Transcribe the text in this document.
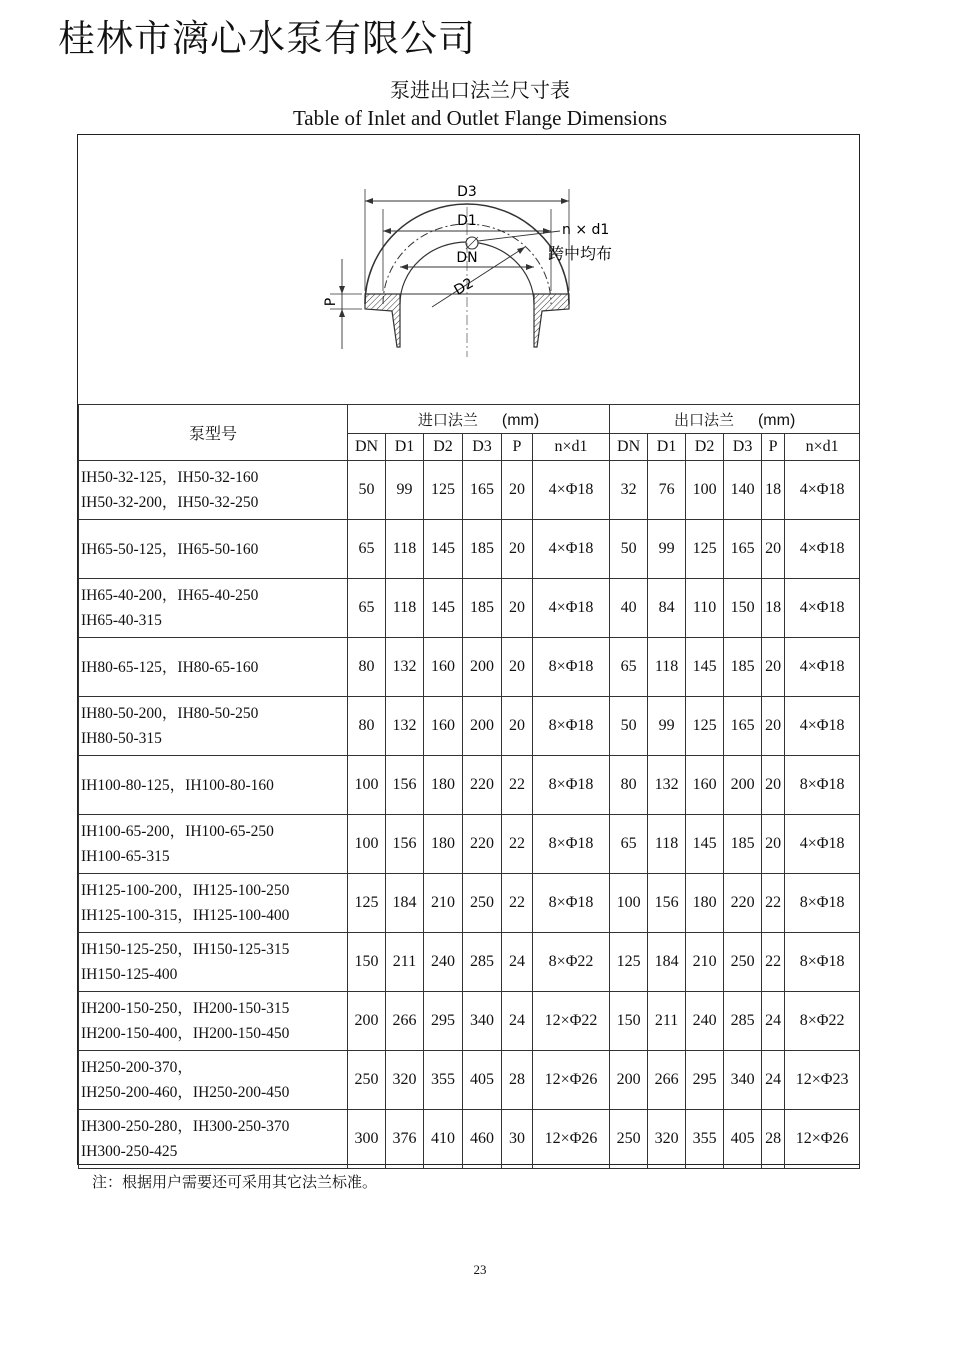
桂林市漓心水泵有限公司
泵进出口法兰尺寸表
Table of Inlet and Outlet Flange Dimensions
D3
D1
DN
D2
n × d1
跨中均布
P
泵型号	进口法兰 (mm)						出口法兰 (mm)					
	DN	D1	D2	D3	P	n×d1	DN	D1	D2	D3	P	n×d1

IH50-32-125，IH50-32-160
IH50-32-200，IH50-32-250	50	99	125	165	20	4×Φ18	32	76	100	140	18	4×Φ18

IH65-50-125，IH65-50-160	65	118	145	185	20	4×Φ18	50	99	125	165	20	4×Φ18

IH65-40-200，IH65-40-250
IH65-40-315	65	118	145	185	20	4×Φ18	40	84	110	150	18	4×Φ18

IH80-65-125，IH80-65-160	80	132	160	200	20	8×Φ18	65	118	145	185	20	4×Φ18

IH80-50-200，IH80-50-250
IH80-50-315	80	132	160	200	20	8×Φ18	50	99	125	165	20	4×Φ18

IH100-80-125，IH100-80-160	100	156	180	220	22	8×Φ18	80	132	160	200	20	8×Φ18

IH100-65-200，IH100-65-250
IH100-65-315	100	156	180	220	22	8×Φ18	65	118	145	185	20	4×Φ18

IH125-100-200，IH125-100-250
IH125-100-315，IH125-100-400	125	184	210	250	22	8×Φ18	100	156	180	220	22	8×Φ18

IH150-125-250，IH150-125-315
IH150-125-400	150	211	240	285	24	8×Φ22	125	184	210	250	22	8×Φ18

IH200-150-250，IH200-150-315
IH200-150-400，IH200-150-450	200	266	295	340	24	12×Φ22	150	211	240	285	24	8×Φ22

IH250-200-370，
IH250-200-460，IH250-200-450	250	320	355	405	28	12×Φ26	200	266	295	340	24	12×Φ23

IH300-250-280，IH300-250-370
IH300-250-425	300	376	410	460	30	12×Φ26	250	320	355	405	28	12×Φ26
注：根据用户需要还可采用其它法兰标准。
23
